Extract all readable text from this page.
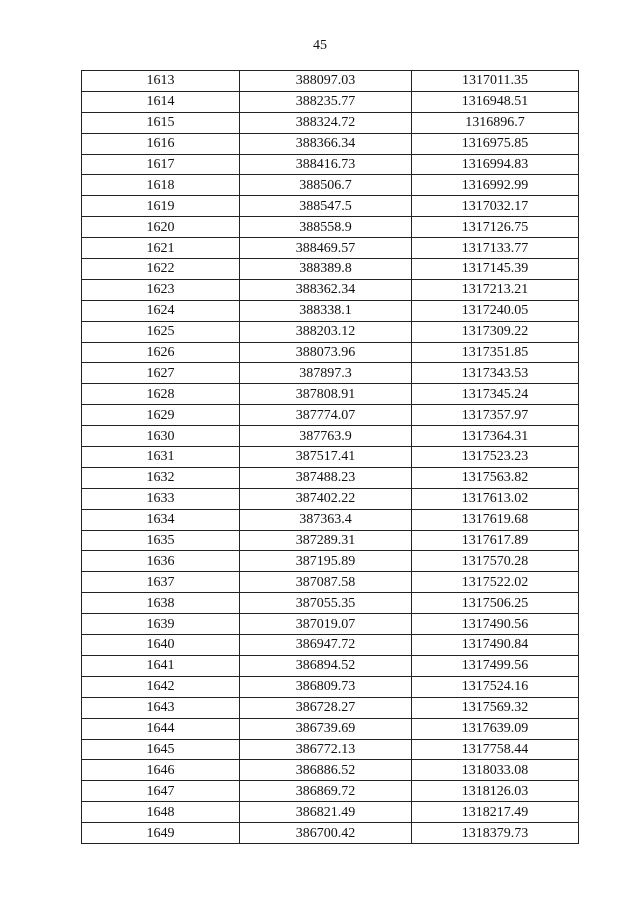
45
1613	388097.03	1317011.35
1614	388235.77	1316948.51
1615	388324.72	1316896.7
1616	388366.34	1316975.85
1617	388416.73	1316994.83
1618	388506.7	1316992.99
1619	388547.5	1317032.17
1620	388558.9	1317126.75
1621	388469.57	1317133.77
1622	388389.8	1317145.39
1623	388362.34	1317213.21
1624	388338.1	1317240.05
1625	388203.12	1317309.22
1626	388073.96	1317351.85
1627	387897.3	1317343.53
1628	387808.91	1317345.24
1629	387774.07	1317357.97
1630	387763.9	1317364.31
1631	387517.41	1317523.23
1632	387488.23	1317563.82
1633	387402.22	1317613.02
1634	387363.4	1317619.68
1635	387289.31	1317617.89
1636	387195.89	1317570.28
1637	387087.58	1317522.02
1638	387055.35	1317506.25
1639	387019.07	1317490.56
1640	386947.72	1317490.84
1641	386894.52	1317499.56
1642	386809.73	1317524.16
1643	386728.27	1317569.32
1644	386739.69	1317639.09
1645	386772.13	1317758.44
1646	386886.52	1318033.08
1647	386869.72	1318126.03
1648	386821.49	1318217.49
1649	386700.42	1318379.73
